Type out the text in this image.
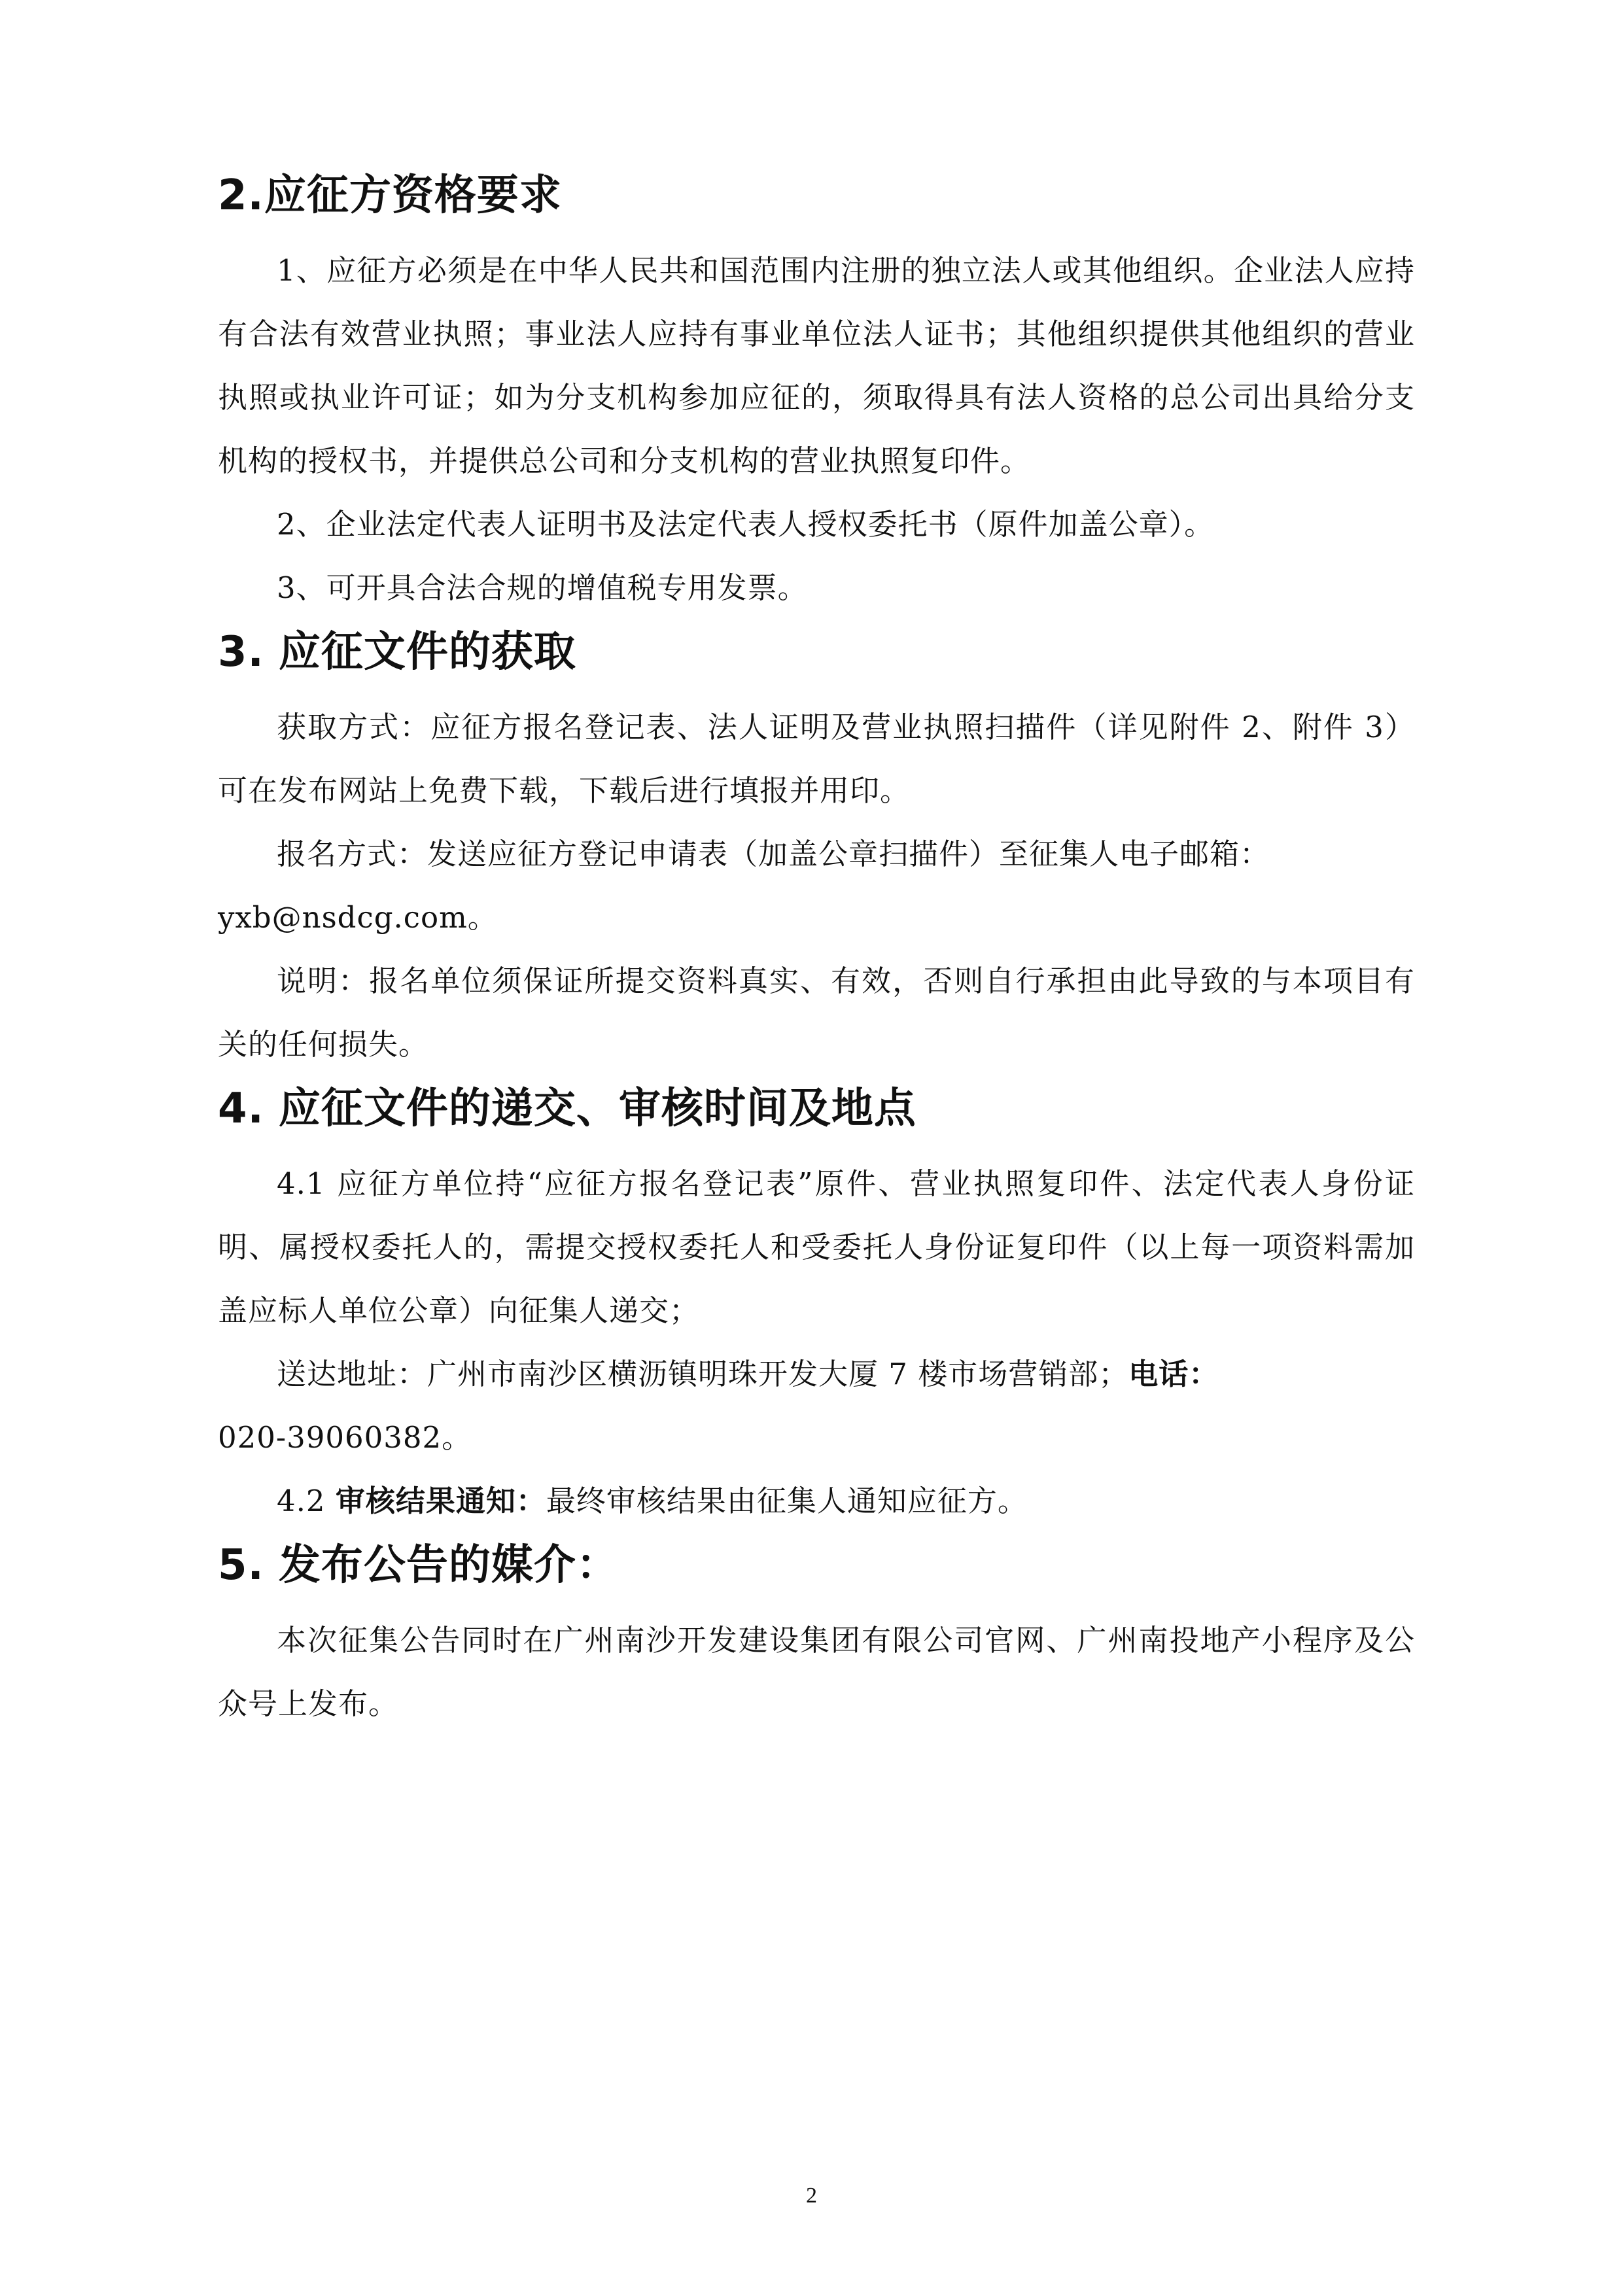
2.应征方资格要求

1、应征方必须是在中华人民共和国范围内注册的独立法人或其他组织。企业法人应持有合法有效营业执照；事业法人应持有事业单位法人证书；其他组织提供其他组织的营业执照或执业许可证；如为分支机构参加应征的，须取得具有法人资格的总公司出具给分支机构的授权书，并提供总公司和分支机构的营业执照复印件。

2、企业法定代表人证明书及法定代表人授权委托书（原件加盖公章）。

3、可开具合法合规的增值税专用发票。

3. 应征文件的获取

获取方式：应征方报名登记表、法人证明及营业执照扫描件（详见附件 2、附件 3）可在发布网站上免费下载，下载后进行填报并用印。

报名方式：发送应征方登记申请表（加盖公章扫描件）至征集人电子邮箱：

yxb@nsdcg.com。

说明：报名单位须保证所提交资料真实、有效，否则自行承担由此导致的与本项目有关的任何损失。

4. 应征文件的递交、审核时间及地点

4.1 应征方单位持“应征方报名登记表”原件、营业执照复印件、法定代表人身份证明、属授权委托人的，需提交授权委托人和受委托人身份证复印件（以上每一项资料需加盖应标人单位公章）向征集人递交；

送达地址：广州市南沙区横沥镇明珠开发大厦 7 楼市场营销部；电话：

020-39060382。

4.2 审核结果通知：最终审核结果由征集人通知应征方。

5. 发布公告的媒介：

本次征集公告同时在广州南沙开发建设集团有限公司官网、广州南投地产小程序及公众号上发布。

2
